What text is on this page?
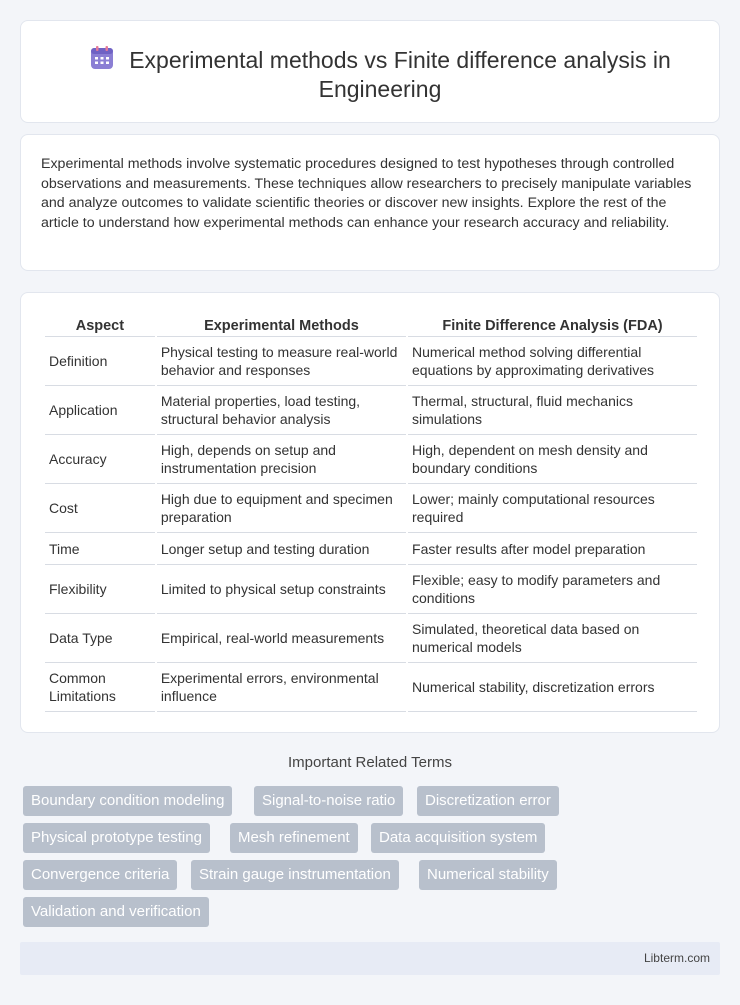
Experimental methods vs Finite difference analysis in Engineering

Experimental methods involve systematic procedures designed to test hypotheses through controlled observations and measurements. These techniques allow researchers to precisely manipulate variables and analyze outcomes to validate scientific theories or discover new insights. Explore the rest of the article to understand how experimental methods can enhance your research accuracy and reliability.

Aspect	Experimental Methods	Finite Difference Analysis (FDA)
Definition	Physical testing to measure real-world behavior and responses	Numerical method solving differential equations by approximating derivatives
Application	Material properties, load testing, structural behavior analysis	Thermal, structural, fluid mechanics simulations
Accuracy	High, depends on setup and instrumentation precision	High, dependent on mesh density and boundary conditions
Cost	High due to equipment and specimen preparation	Lower; mainly computational resources required
Time	Longer setup and testing duration	Faster results after model preparation
Flexibility	Limited to physical setup constraints	Flexible; easy to modify parameters and conditions
Data Type	Empirical, real-world measurements	Simulated, theoretical data based on numerical models
Common Limitations	Experimental errors, environmental influence	Numerical stability, discretization errors
Important Related Terms
Boundary condition modeling	Signal-to-noise ratio	Discretization error
Physical prototype testing	Mesh refinement	Data acquisition system
Convergence criteria	Strain gauge instrumentation	Numerical stability
Validation and verification
Libterm.com
